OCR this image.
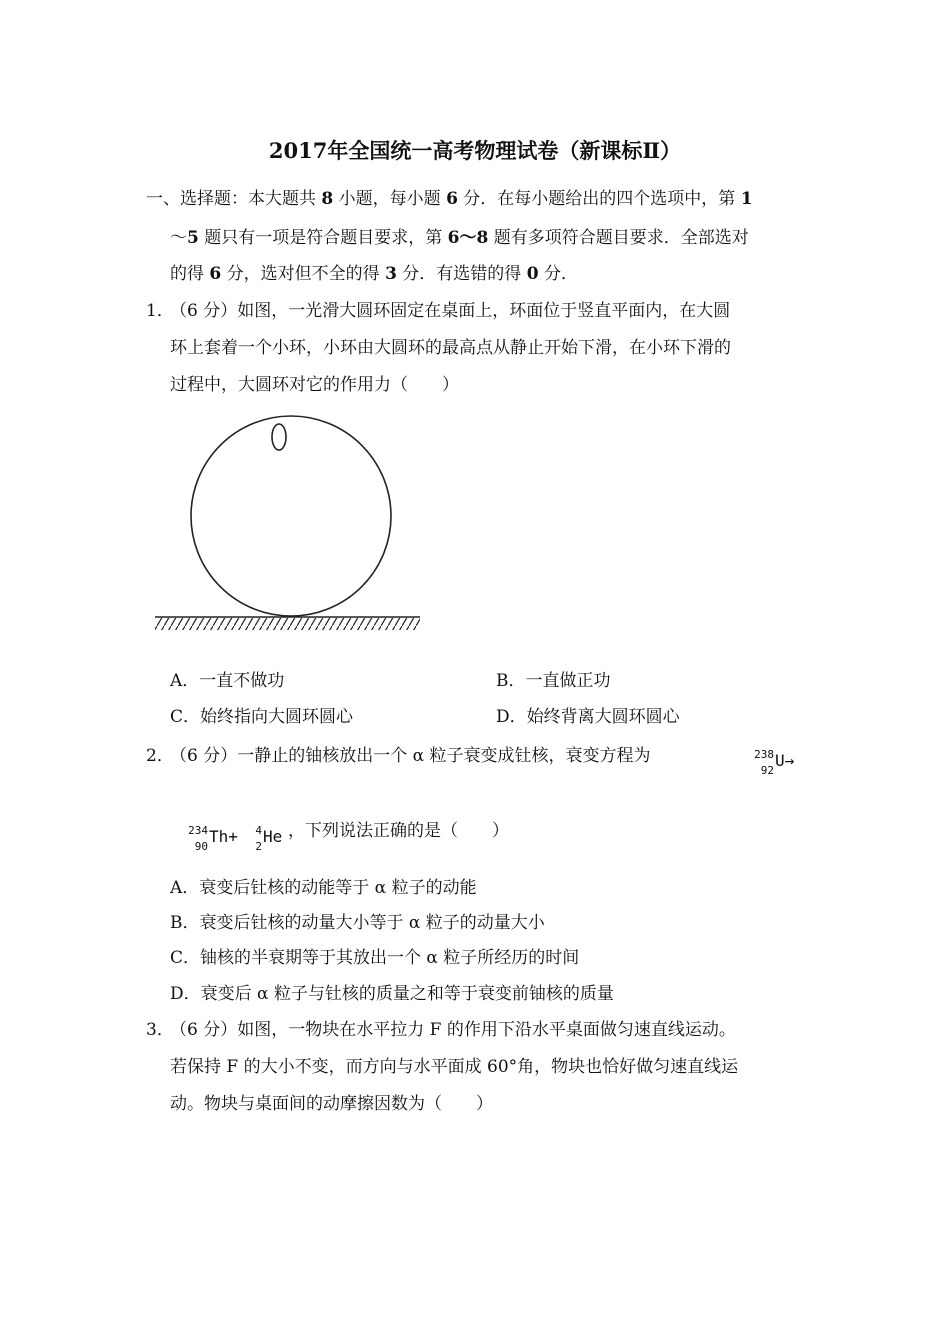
2017年全国统一高考物理试卷（新课标Ⅱ）
一、选择题：本大题共 8 小题，每小题 6 分．在每小题给出的四个选项中，第 1
～5 题只有一项是符合题目要求，第 6～8 题有多项符合题目要求．全部选对
的得 6 分，选对但不全的得 3 分．有选错的得 0 分．
1．
（6 分）如图，一光滑大圆环固定在桌面上，环面位于竖直平面内，在大圆
环上套着一个小环，小环由大圆环的最高点从静止开始下滑，在小环下滑的
过程中，大圆环对它的作用力（　　）
A．一直不做功	B．一直做正功
C．始终指向大圆环圆心	D．始终背离大圆环圆心
2．
（6 分）一静止的铀核放出一个 α 粒子衰变成钍核，衰变方程为	238
92
U→
234
90
Th+ 4
2
He ，下列说法正确的是（　　）
A．衰变后钍核的动能等于 α 粒子的动能
B．衰变后钍核的动量大小等于 α 粒子的动量大小
C．铀核的半衰期等于其放出一个 α 粒子所经历的时间
D．衰变后 α 粒子与钍核的质量之和等于衰变前铀核的质量
3．
（6 分）如图，一物块在水平拉力 F 的作用下沿水平桌面做匀速直线运动。
若保持 F 的大小不变，而方向与水平面成 60°角，物块也恰好做匀速直线运
动。物块与桌面间的动摩擦因数为（　　）
